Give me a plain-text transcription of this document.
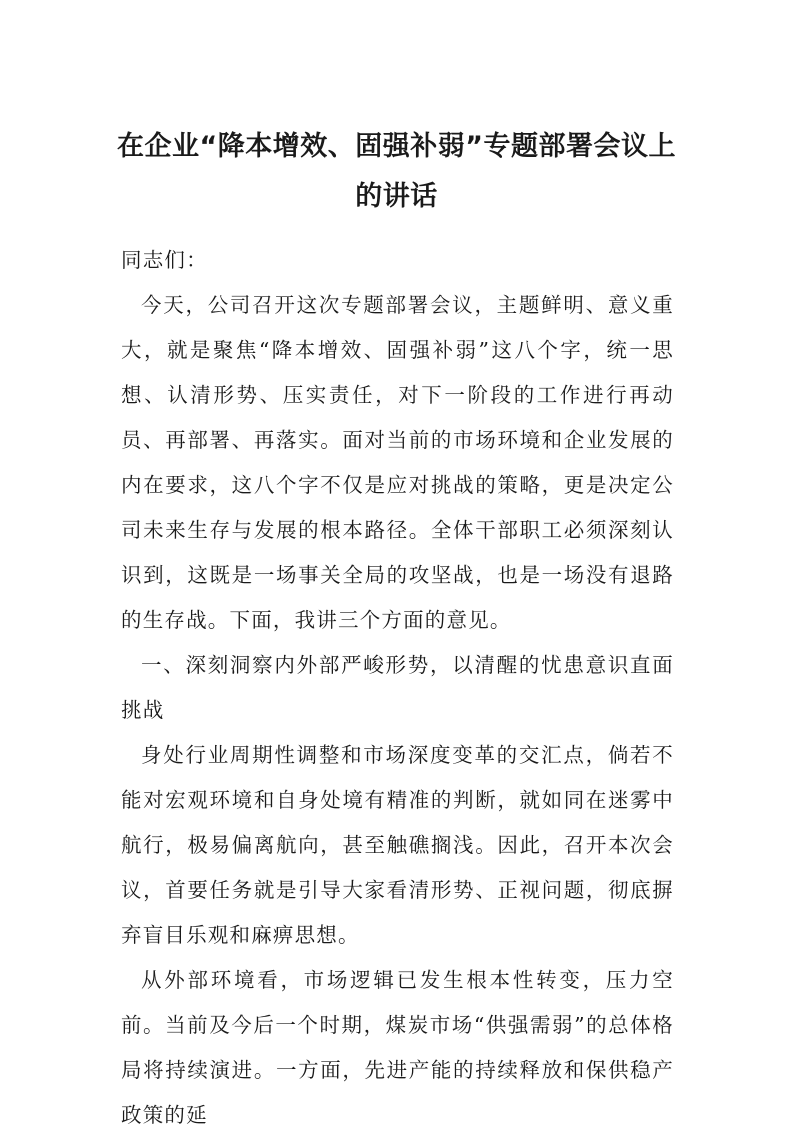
在企业“降本增效、固强补弱”专题部署会议上的讲话

同志们：

今天，公司召开这次专题部署会议，主题鲜明、意义重大，就是聚焦“降本增效、固强补弱”这八个字，统一思想、认清形势、压实责任，对下一阶段的工作进行再动员、再部署、再落实。面对当前的市场环境和企业发展的内在要求，这八个字不仅是应对挑战的策略，更是决定公司未来生存与发展的根本路径。全体干部职工必须深刻认识到，这既是一场事关全局的攻坚战，也是一场没有退路的生存战。下面，我讲三个方面的意见。

一、深刻洞察内外部严峻形势，以清醒的忧患意识直面挑战

身处行业周期性调整和市场深度变革的交汇点，倘若不能对宏观环境和自身处境有精准的判断，就如同在迷雾中航行，极易偏离航向，甚至触礁搁浅。因此，召开本次会议，首要任务就是引导大家看清形势、正视问题，彻底摒弃盲目乐观和麻痹思想。

从外部环境看，市场逻辑已发生根本性转变，压力空前。当前及今后一个时期，煤炭市场“供强需弱”的总体格局将持续演进。一方面，先进产能的持续释放和保供稳产政策的延
